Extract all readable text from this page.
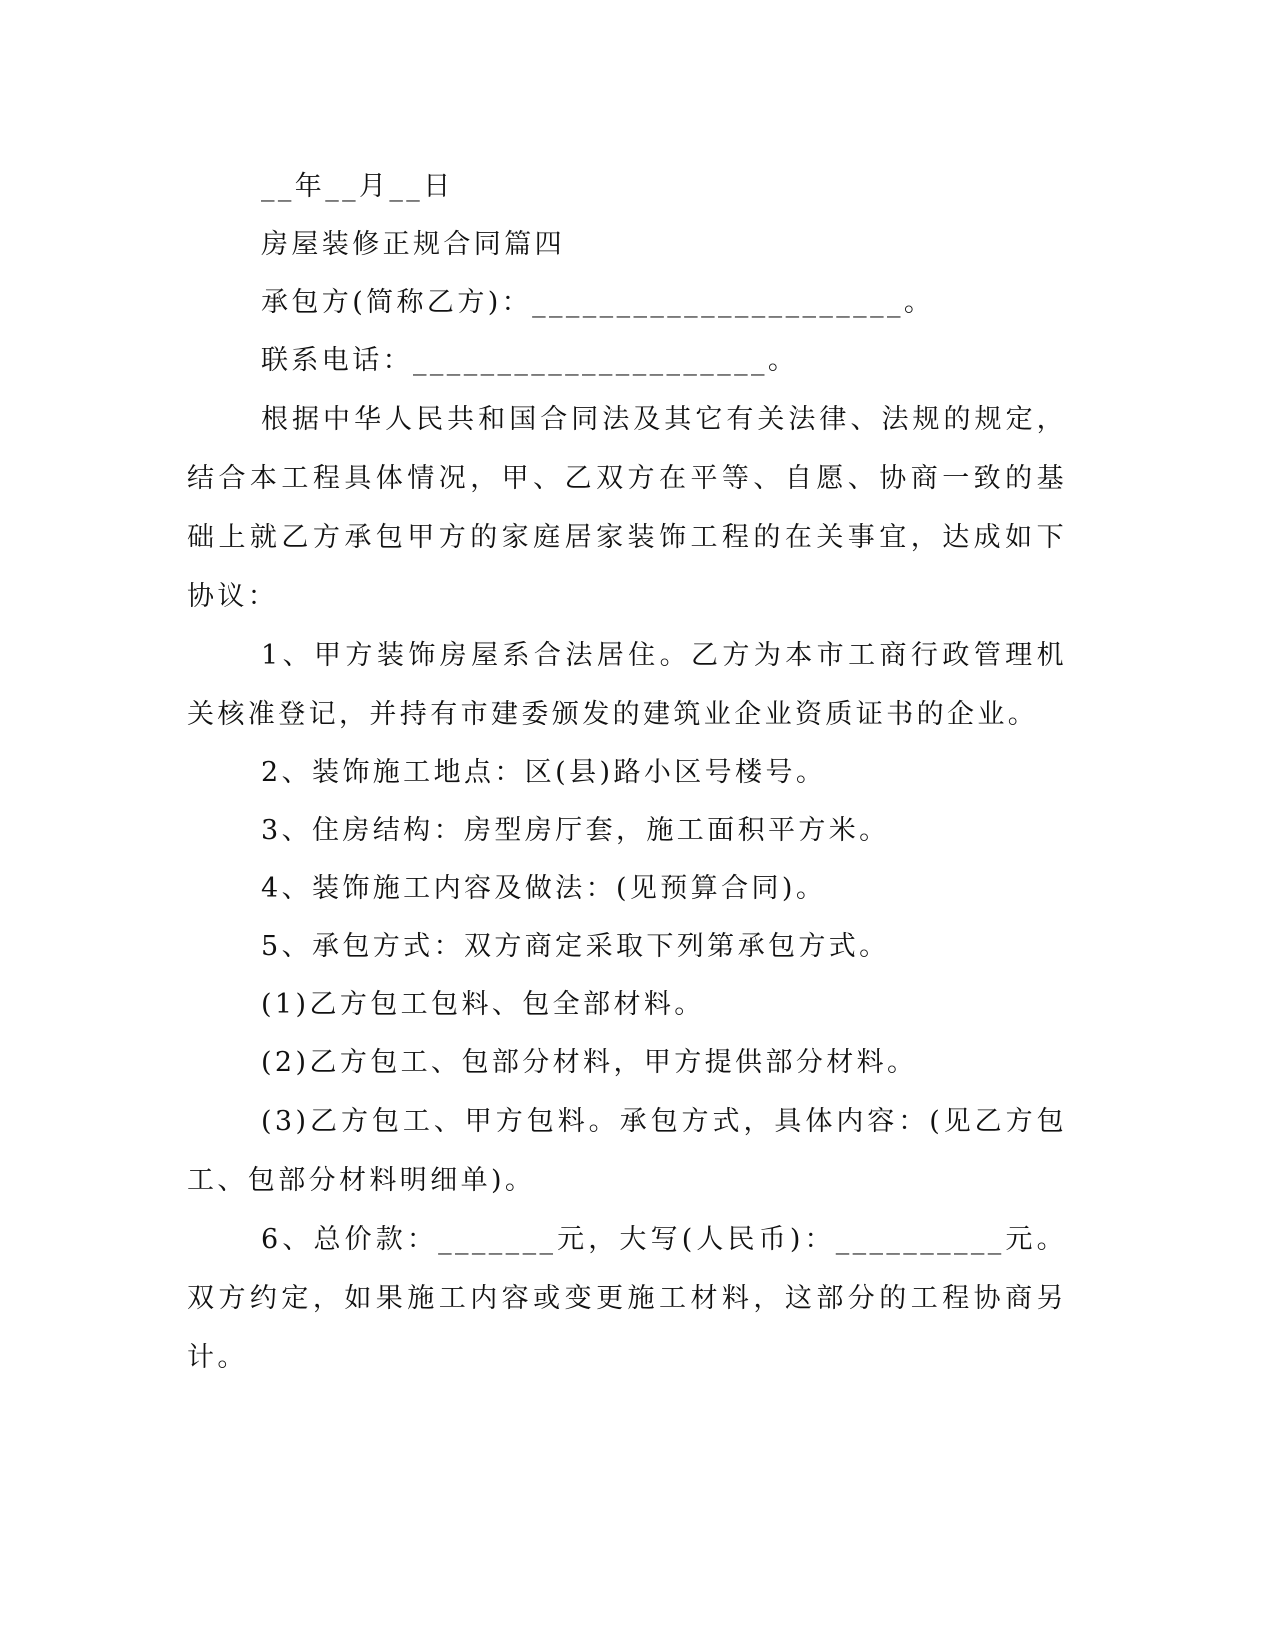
__年__月__日

房屋装修正规合同篇四

承包方(简称乙方)：______________________。

联系电话：_____________________。

根据中华人民共和国合同法及其它有关法律、法规的规定，结合本工程具体情况，甲、乙双方在平等、自愿、协商一致的基础上就乙方承包甲方的家庭居家装饰工程的在关事宜，达成如下协议：

1、甲方装饰房屋系合法居住。乙方为本市工商行政管理机关核准登记，并持有市建委颁发的建筑业企业资质证书的企业。

2、装饰施工地点：区(县)路小区号楼号。

3、住房结构：房型房厅套，施工面积平方米。

4、装饰施工内容及做法：(见预算合同)。

5、承包方式：双方商定采取下列第承包方式。

(1)乙方包工包料、包全部材料。

(2)乙方包工、包部分材料，甲方提供部分材料。

(3)乙方包工、甲方包料。承包方式，具体内容：(见乙方包工、包部分材料明细单)。

6、总价款：_______元，大写(人民币)：__________元。双方约定，如果施工内容或变更施工材料，这部分的工程协商另计。
